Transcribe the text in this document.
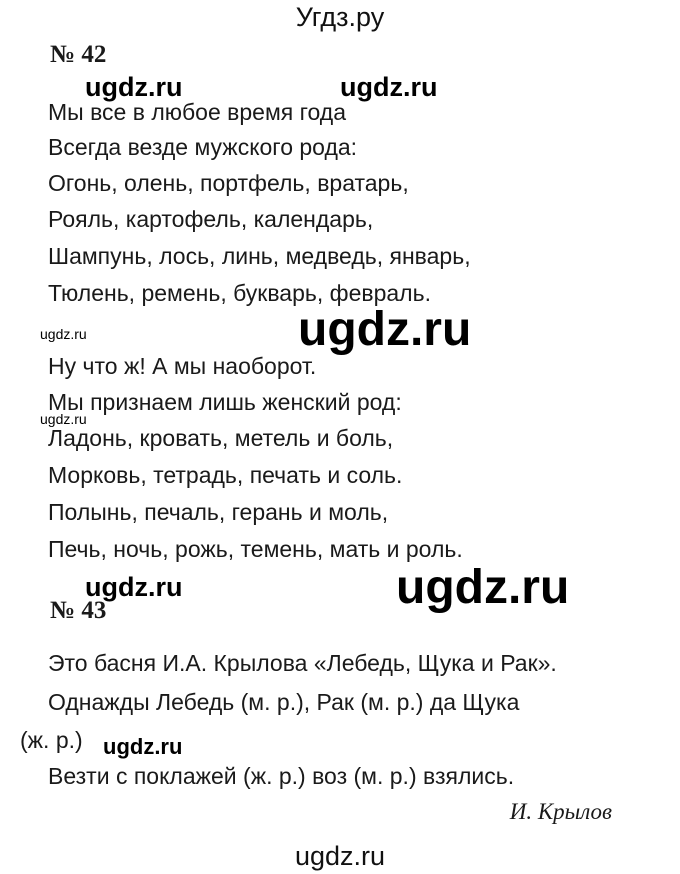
Угдз.ру
№ 42
Мы все в любое время года
Всегда везде мужского рода:
Огонь, олень, портфель, вратарь,
Рояль, картофель, календарь,
Шампунь, лось, линь, медведь, январь,
Тюлень, ремень, букварь, февраль.
Ну что ж! А мы наоборот.
Мы признаем лишь женский род:
Ладонь, кровать, метель и боль,
Морковь, тетрадь, печать и соль.
Полынь, печаль, герань и моль,
Печь, ночь, рожь, темень, мать и роль.
№ 43
Это басня И.А. Крылова «Лебедь, Щука и Рак».
Однажды Лебедь (м. р.), Рак (м. р.) да Щука
(ж. р.)
Везти с поклажей (ж. р.) воз (м. р.) взялись.
И. Крылов
ugdz.ru	ugdz.ru
ugdz.ru	ugdz.ru
ugdz.ru
ugdz.ru	ugdz.ru
ugdz.ru
ugdz.ru
